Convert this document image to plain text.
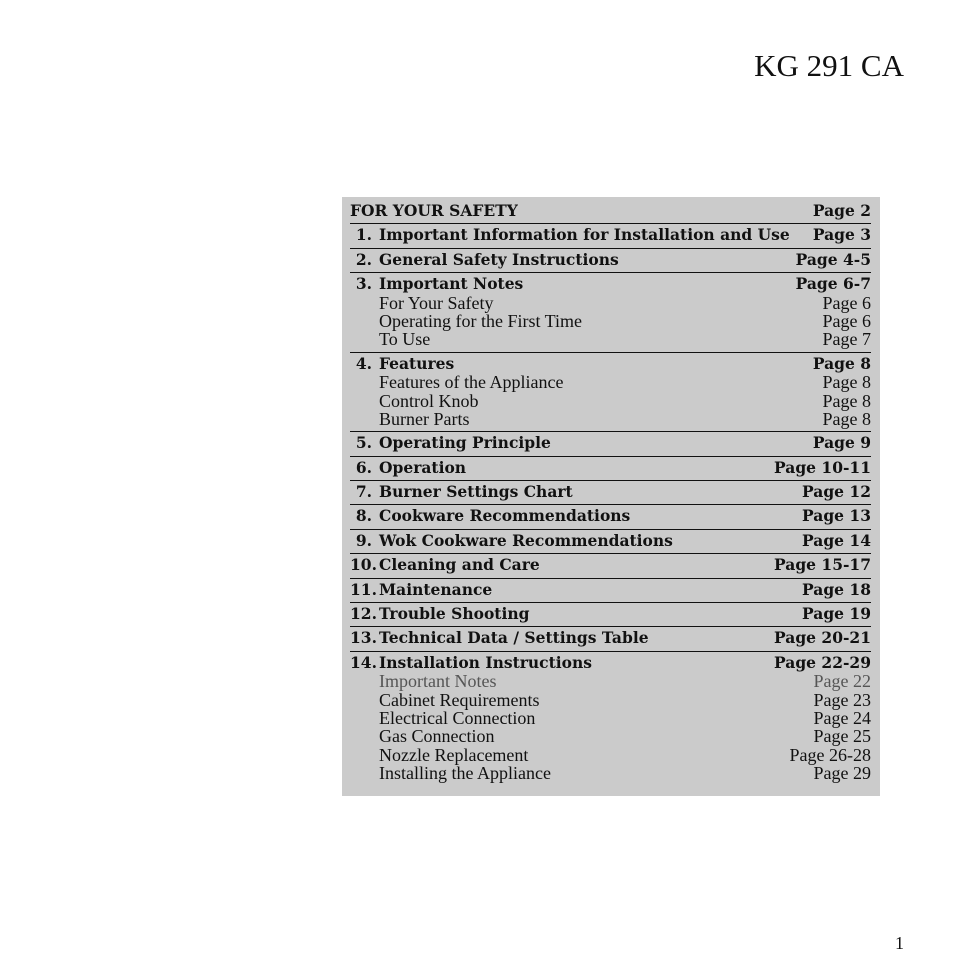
KG 291 CA
FOR YOUR SAFETY	Page 2
1. Important Information for Installation and Use Page 3
2. General Safety Instructions	Page 4-5
3. Important Notes	Page 6-7
For Your Safety	Page 6
Operating for the First Time	Page 6
To Use	Page 7
4. Features	Page 8
Features of the Appliance	Page 8
Control Knob	Page 8
Burner Parts	Page 8
5. Operating Principle	Page 9
6. Operation	Page 10-11
7. Burner Settings Chart	Page 12
8. Cookware Recommendations	Page 13
9. Wok Cookware Recommendations	Page 14
10. Cleaning and Care	Page 15-17
11. Maintenance	Page 18
12. Trouble Shooting	Page 19
13. Technical Data / Settings Table	Page 20-21
14. Installation Instructions	Page 22-29
Important Notes	Page 22
Cabinet Requirements	Page 23
Electrical Connection	Page 24
Gas Connection	Page 25
Nozzle Replacement	Page 26-28
Installing the Appliance	Page 29
1
